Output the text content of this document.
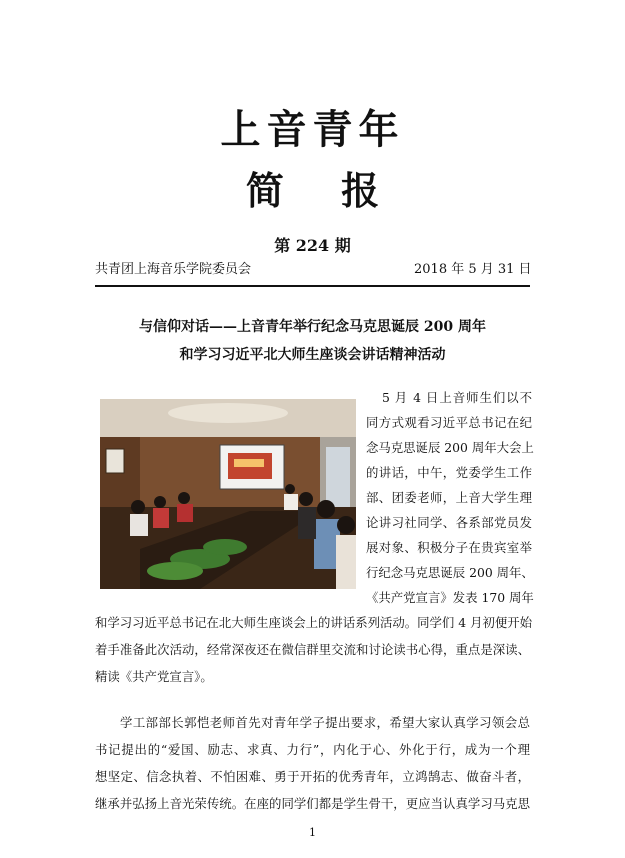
上音青年
简 报
第 224 期
共青团上海音乐学院委员会	2018 年 5 月 31 日
与信仰对话——上音青年举行纪念马克思诞辰 200 周年
和学习习近平北大师生座谈会讲话精神活动
5 月 4 日上音师生们以不
同方式观看习近平总书记在纪
念马克思诞辰 200 周年大会上
的讲话，中午，党委学生工作
部、团委老师，上音大学生理
论讲习社同学、各系部党员发
展对象、积极分子在贵宾室举
行纪念马克思诞辰 200 周年、
《共产党宣言》发表 170 周年
和学习习近平总书记在北大师生座谈会上的讲话系列活动。同学们 4 月初便开始
着手准备此次活动，经常深夜还在微信群里交流和讨论读书心得，重点是深读、
精读《共产党宣言》。
学工部部长郭恺老师首先对青年学子提出要求，希望大家认真学习领会总
书记提出的“爱国、励志、求真、力行”，内化于心、外化于行，成为一个理
想坚定、信念执着、不怕困难、勇于开拓的优秀青年，立鸿鹄志、做奋斗者，
继承并弘扬上音光荣传统。在座的同学们都是学生骨干，更应当认真学习马克思
1
